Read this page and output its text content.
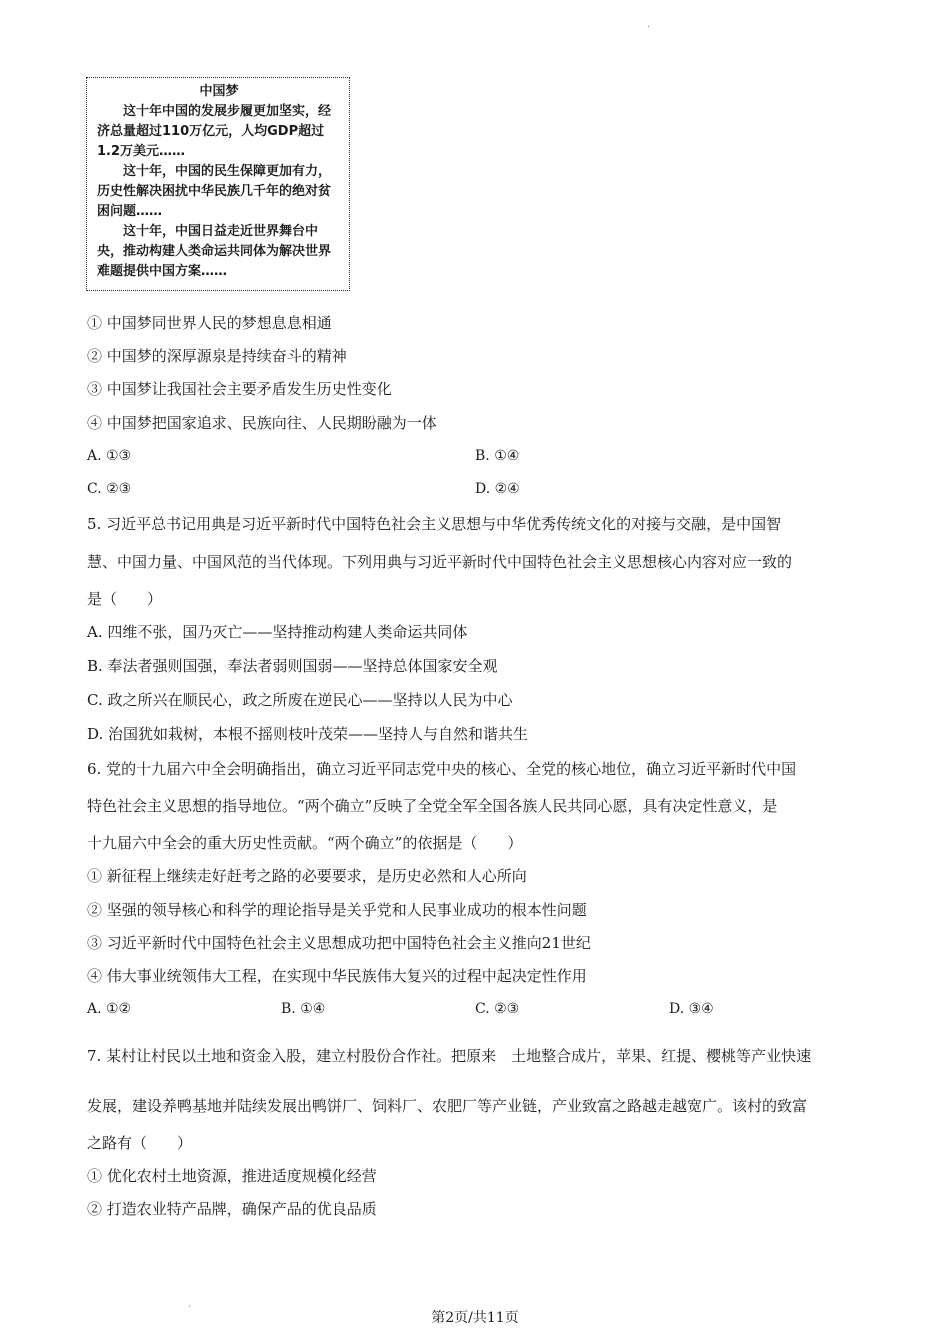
.
.
中国梦

这十年中国的发展步履更加坚实，经济总量超过110万亿元，人均GDP超过1.2万美元……

这十年，中国的民生保障更加有力，历史性解决困扰中华民族几千年的绝对贫困问题……

这十年，中国日益走近世界舞台中央，推动构建人类命运共同体为解决世界难题提供中国方案……

① 中国梦同世界人民的梦想息息相通
② 中国梦的深厚源泉是持续奋斗的精神
③ 中国梦让我国社会主要矛盾发生历史性变化
④ 中国梦把国家追求、民族向往、人民期盼融为一体
A. ①③	B. ①④
C. ②③	D. ②④
5. 习近平总书记用典是习近平新时代中国特色社会主义思想与中华优秀传统文化的对接与交融，是中国智
慧、中国力量、中国风范的当代体现。下列用典与习近平新时代中国特色社会主义思想核心内容对应一致的
是（　　）
A. 四维不张，国乃灭亡——坚持推动构建人类命运共同体
B. 奉法者强则国强，奉法者弱则国弱——坚持总体国家安全观
C. 政之所兴在顺民心，政之所废在逆民心——坚持以人民为中心
D. 治国犹如栽树，本根不摇则枝叶茂荣——坚持人与自然和谐共生
6. 党的十九届六中全会明确指出，确立习近平同志党中央的核心、全党的核心地位，确立习近平新时代中国
特色社会主义思想的指导地位。“两个确立”反映了全党全军全国各族人民共同心愿，具有决定性意义，是
十九届六中全会的重大历史性贡献。“两个确立”的依据是（　　）
① 新征程上继续走好赶考之路的必要要求，是历史必然和人心所向
② 坚强的领导核心和科学的理论指导是关乎党和人民事业成功的根本性问题
③ 习近平新时代中国特色社会主义思想成功把中国特色社会主义推向21世纪
④ 伟大事业统领伟大工程，在实现中华民族伟大复兴的过程中起决定性作用
A. ①②	B. ①④	C. ②③	D. ③④
7. 某村让村民以土地和资金入股，建立村股份合作社。把原来　土地整合成片，苹果、红提、樱桃等产业快速
发展，建设养鸭基地并陆续发展出鸭饼厂、饲料厂、农肥厂等产业链，产业致富之路越走越宽广。该村的致富
之路有（　　）
① 优化农村土地资源，推进适度规模化经营
② 打造农业特产品牌，确保产品的优良品质
第2页/共11页
